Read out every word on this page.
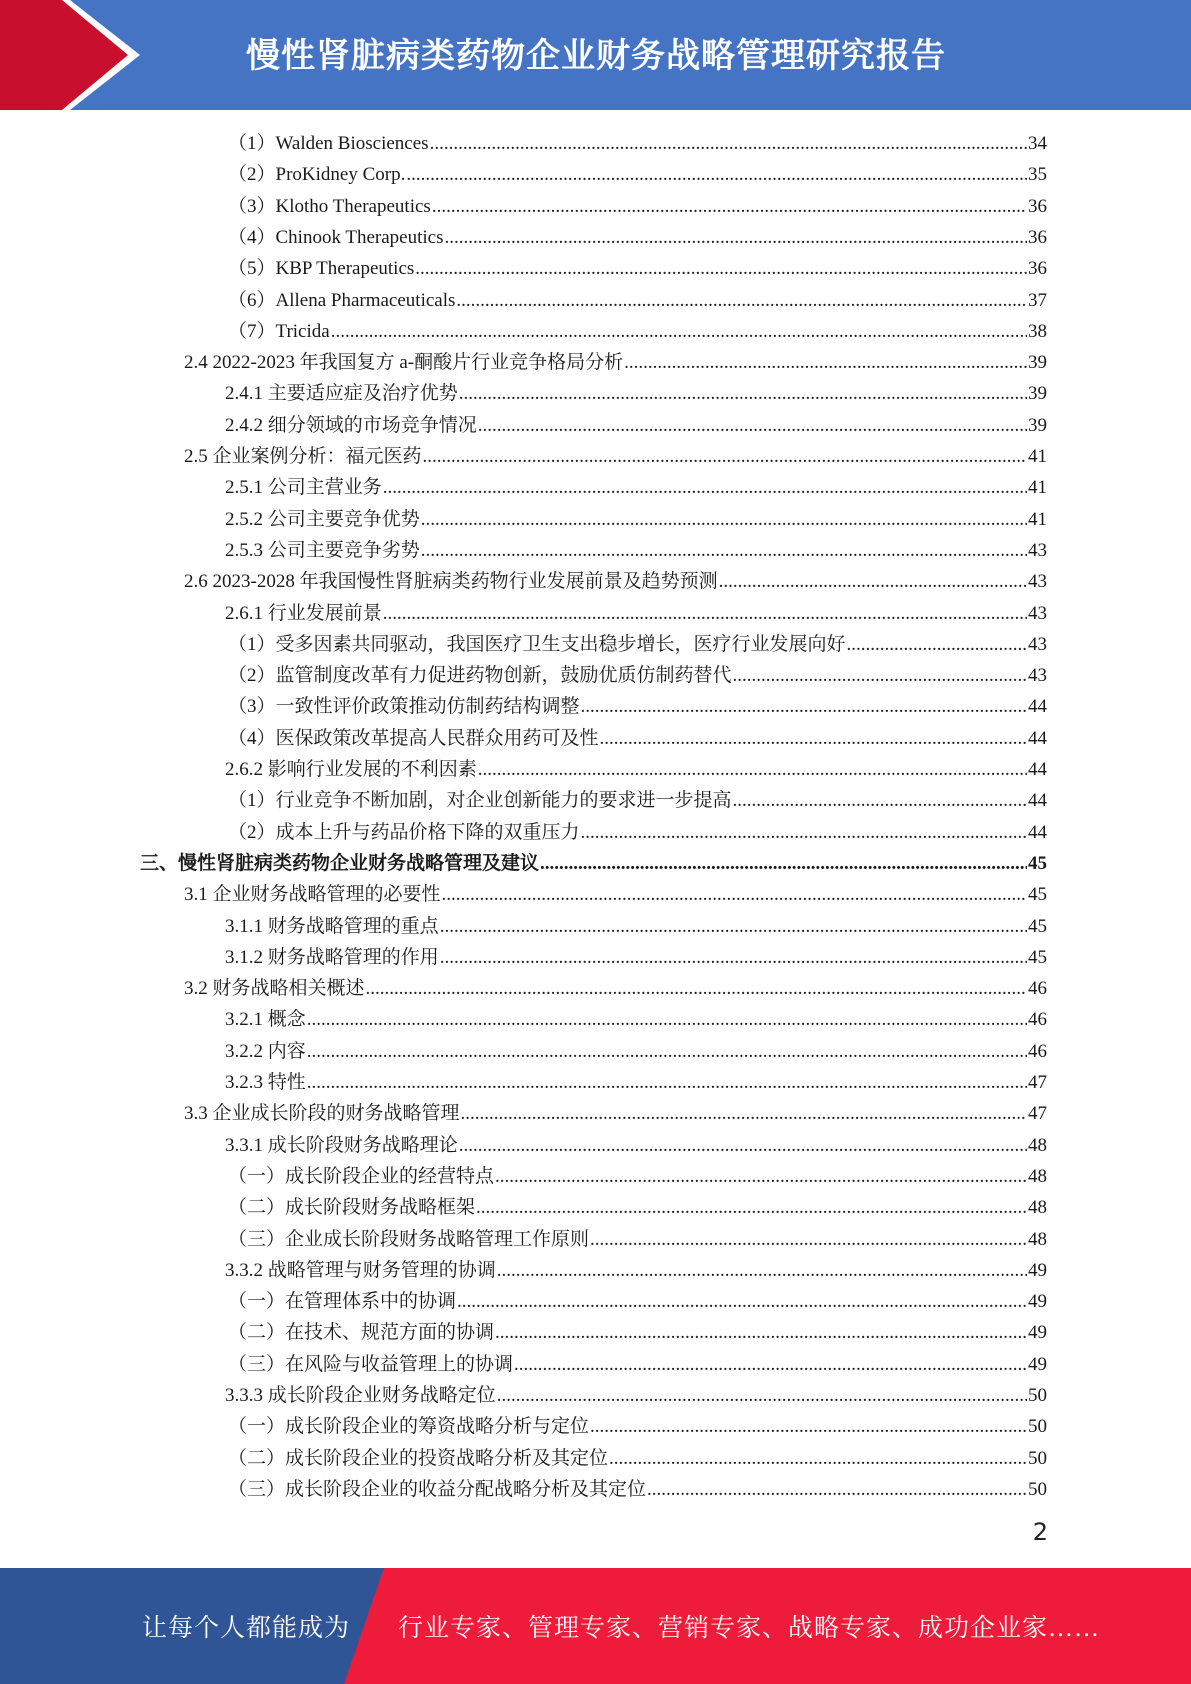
慢性肾脏病类药物企业财务战略管理研究报告
（1）Walden Biosciences .....	34
（2）ProKidney Corp. .....	35
（3）Klotho Therapeutics .....	36
（4）Chinook Therapeutics .....	36
（5）KBP Therapeutics .....	36
（6）Allena Pharmaceuticals .....	37
（7）Tricida .....	38
2.4 2022-2023 年我国复方 a-酮酸片行业竞争格局分析 .....	39
2.4.1 主要适应症及治疗优势 .....	39
2.4.2 细分领域的市场竞争情况 .....	39
2.5 企业案例分析：福元医药 .....	41
2.5.1 公司主营业务 .....	41
2.5.2 公司主要竞争优势 .....	41
2.5.3 公司主要竞争劣势 .....	43
2.6 2023-2028 年我国慢性肾脏病类药物行业发展前景及趋势预测 .....	43
2.6.1 行业发展前景 .....	43
（1）受多因素共同驱动，我国医疗卫生支出稳步增长，医疗行业发展向好 .....	43
（2）监管制度改革有力促进药物创新，鼓励优质仿制药替代 .....	43
（3）一致性评价政策推动仿制药结构调整 .....	44
（4）医保政策改革提高人民群众用药可及性 .....	44
2.6.2 影响行业发展的不利因素 .....	44
（1）行业竞争不断加剧，对企业创新能力的要求进一步提高 .....	44
（2）成本上升与药品价格下降的双重压力 .....	44
三、慢性肾脏病类药物企业财务战略管理及建议 .....	45
3.1 企业财务战略管理的必要性 .....	45
3.1.1 财务战略管理的重点 .....	45
3.1.2 财务战略管理的作用 .....	45
3.2 财务战略相关概述 .....	46
3.2.1 概念 .....	46
3.2.2 内容 .....	46
3.2.3 特性 .....	47
3.3 企业成长阶段的财务战略管理 .....	47
3.3.1 成长阶段财务战略理论 .....	48
（一）成长阶段企业的经营特点 .....	48
（二）成长阶段财务战略框架 .....	48
（三）企业成长阶段财务战略管理工作原则 .....	48
3.3.2 战略管理与财务管理的协调 .....	49
（一）在管理体系中的协调 .....	49
（二）在技术、规范方面的协调 .....	49
（三）在风险与收益管理上的协调 .....	49
3.3.3 成长阶段企业财务战略定位 .....	50
（一）成长阶段企业的筹资战略分析与定位 .....	50
（二）成长阶段企业的投资战略分析及其定位 .....	50
（三）成长阶段企业的收益分配战略分析及其定位 .....	50
2
让每个人都能成为 行业专家、管理专家、营销专家、战略专家、成功企业家……
